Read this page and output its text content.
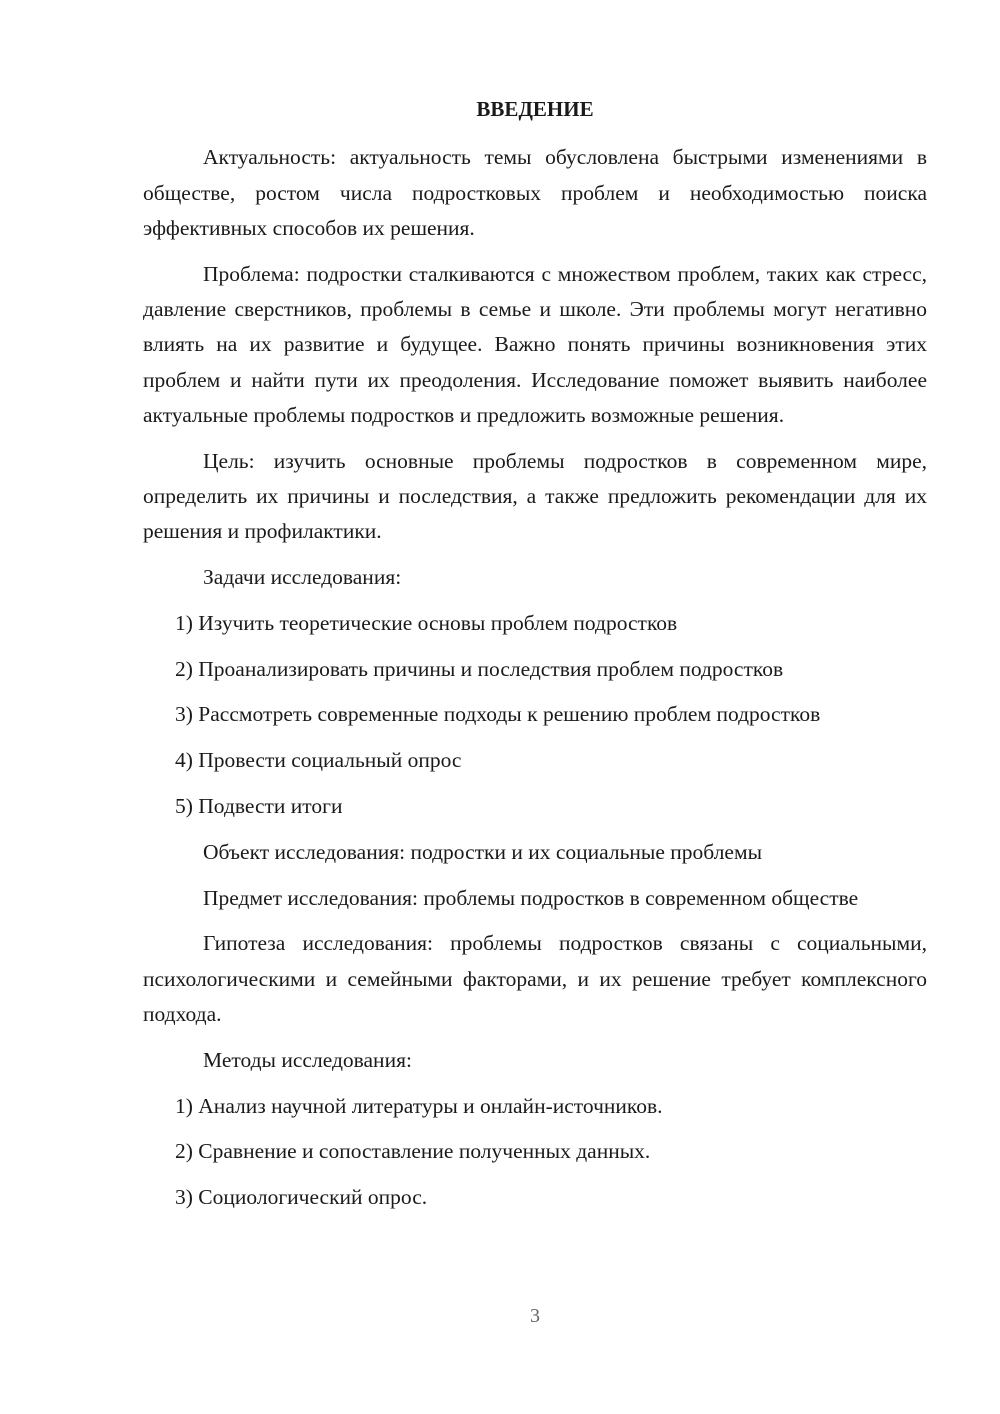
ВВЕДЕНИЕ
Актуальность: актуальность темы обусловлена быстрыми изменениями в обществе, ростом числа подростковых проблем и необходимостью поиска эффективных способов их решения.
Проблема: подростки сталкиваются с множеством проблем, таких как стресс, давление сверстников, проблемы в семье и школе. Эти проблемы могут негативно влиять на их развитие и будущее. Важно понять причины возникновения этих проблем и найти пути их преодоления. Исследование поможет выявить наиболее актуальные проблемы подростков и предложить возможные решения.
Цель: изучить основные проблемы подростков в современном мире, определить их причины и последствия, а также предложить рекомендации для их решения и профилактики.
Задачи исследования:
1) Изучить теоретические основы проблем подростков
2) Проанализировать причины и последствия проблем подростков
3) Рассмотреть современные подходы к решению проблем подростков
4) Провести социальный опрос
5) Подвести итоги
Объект исследования: подростки и их социальные проблемы
Предмет исследования: проблемы подростков в современном обществе
Гипотеза исследования: проблемы подростков связаны с социальными, психологическими и семейными факторами, и их решение требует комплексного подхода.
Методы исследования:
1) Анализ научной литературы и онлайн-источников.
2) Сравнение и сопоставление полученных данных.
3) Социологический опрос.
3
